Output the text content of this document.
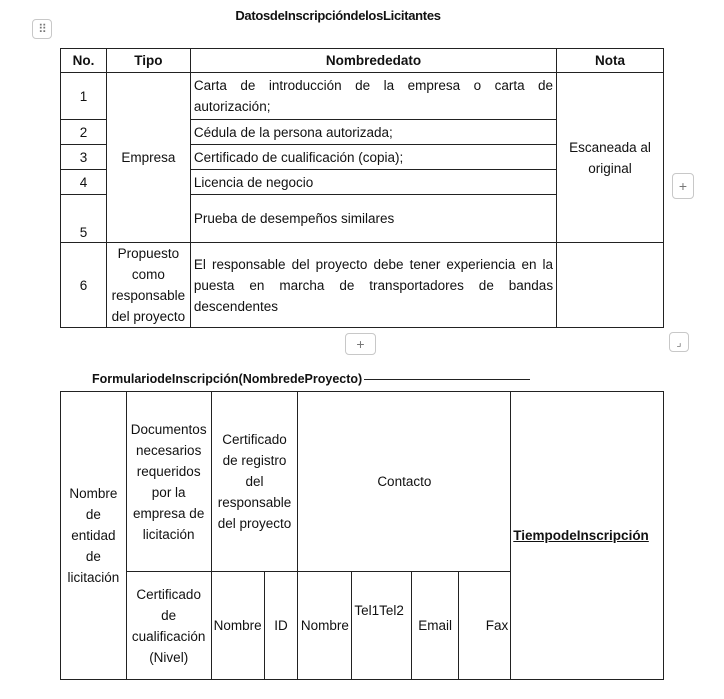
⠿
+
+	⌟
DatosdeInscripcióndelosLicitantes
No.	Tipo	Nombrededato	Nota
1	Empresa	Carta de introducción de la empresa o carta de autorización;	Escaneada al original
2		Cédula de la persona autorizada;	
3		Certificado de cualificación (copia);	
4		Licencia de negocio	
5		Prueba de desempeños similares	
6	Propuesto como responsable del proyecto	El responsable del proyecto debe tener experiencia en la puesta en marcha de transportadores de bandas descendentes	
FormulariodeInscripción(NombredeProyecto)
Nombre de entidad de licitación	Documentos necesarios requeridos por la empresa de licitación	Certificado de registro del responsable del proyecto		Contacto				TiempodeInscripción
	Certificado de cualificación (Nivel)	Nombre	ID	Nombre	Tel1Tel2	Email	Fax	
